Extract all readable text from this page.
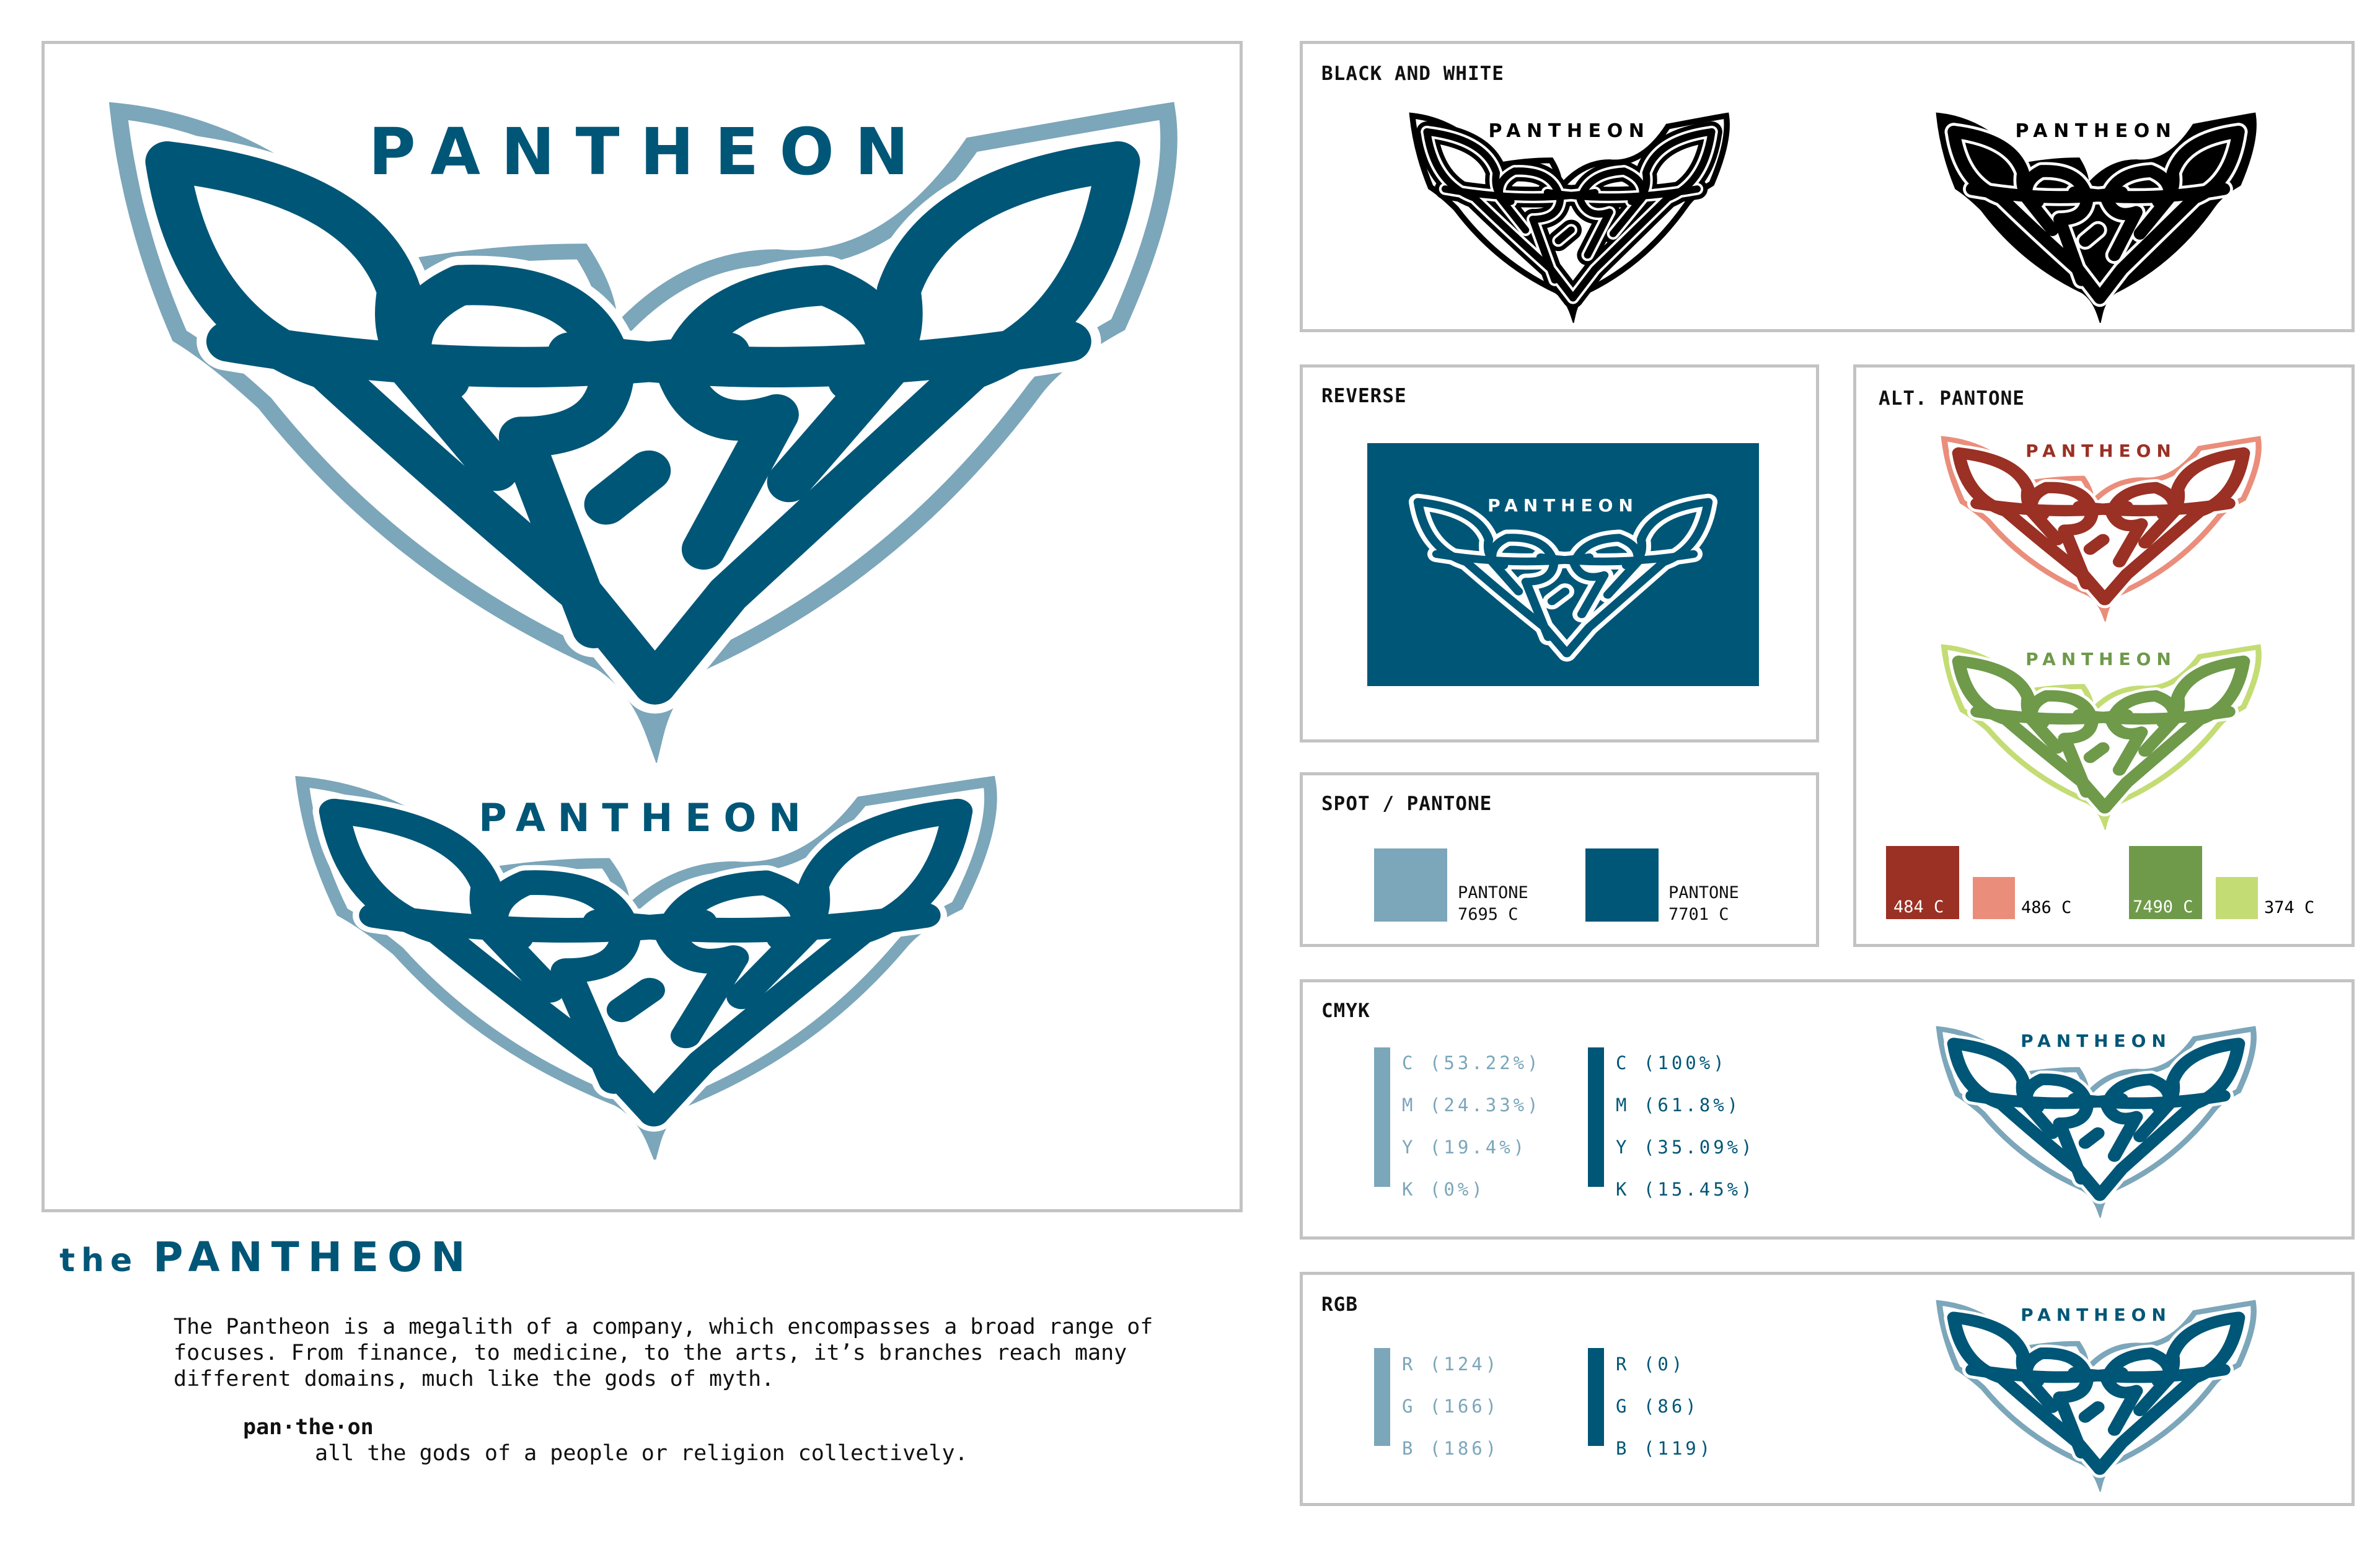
PANTHEON
PANTHEON
the PANTHEON
The Pantheon is a megalith of a company, which encompasses a broad range of focuses. From finance, to medicine, to the arts, it’s branches reach many different domains, much like the gods of myth.
pan·the·on
all the gods of a people or religion collectively.
BLACK AND WHITE
PANTHEON	PANTHEON
REVERSE
PANTHEON
SPOT / PANTONE
PANTONE
7695 C
PANTONE
7701 C
ALT. PANTONE
PANTHEON
PANTHEON
484 C	486 C	7490 C	374 C
CMYK
C (53.22%)
M (24.33%)
Y (19.4%)
K (0%)
C (100%)
M (61.8%)
Y (35.09%)
K (15.45%)
PANTHEON
RGB
R (124)
G (166)
B (186)
R (0)
G (86)
B (119)
PANTHEON
